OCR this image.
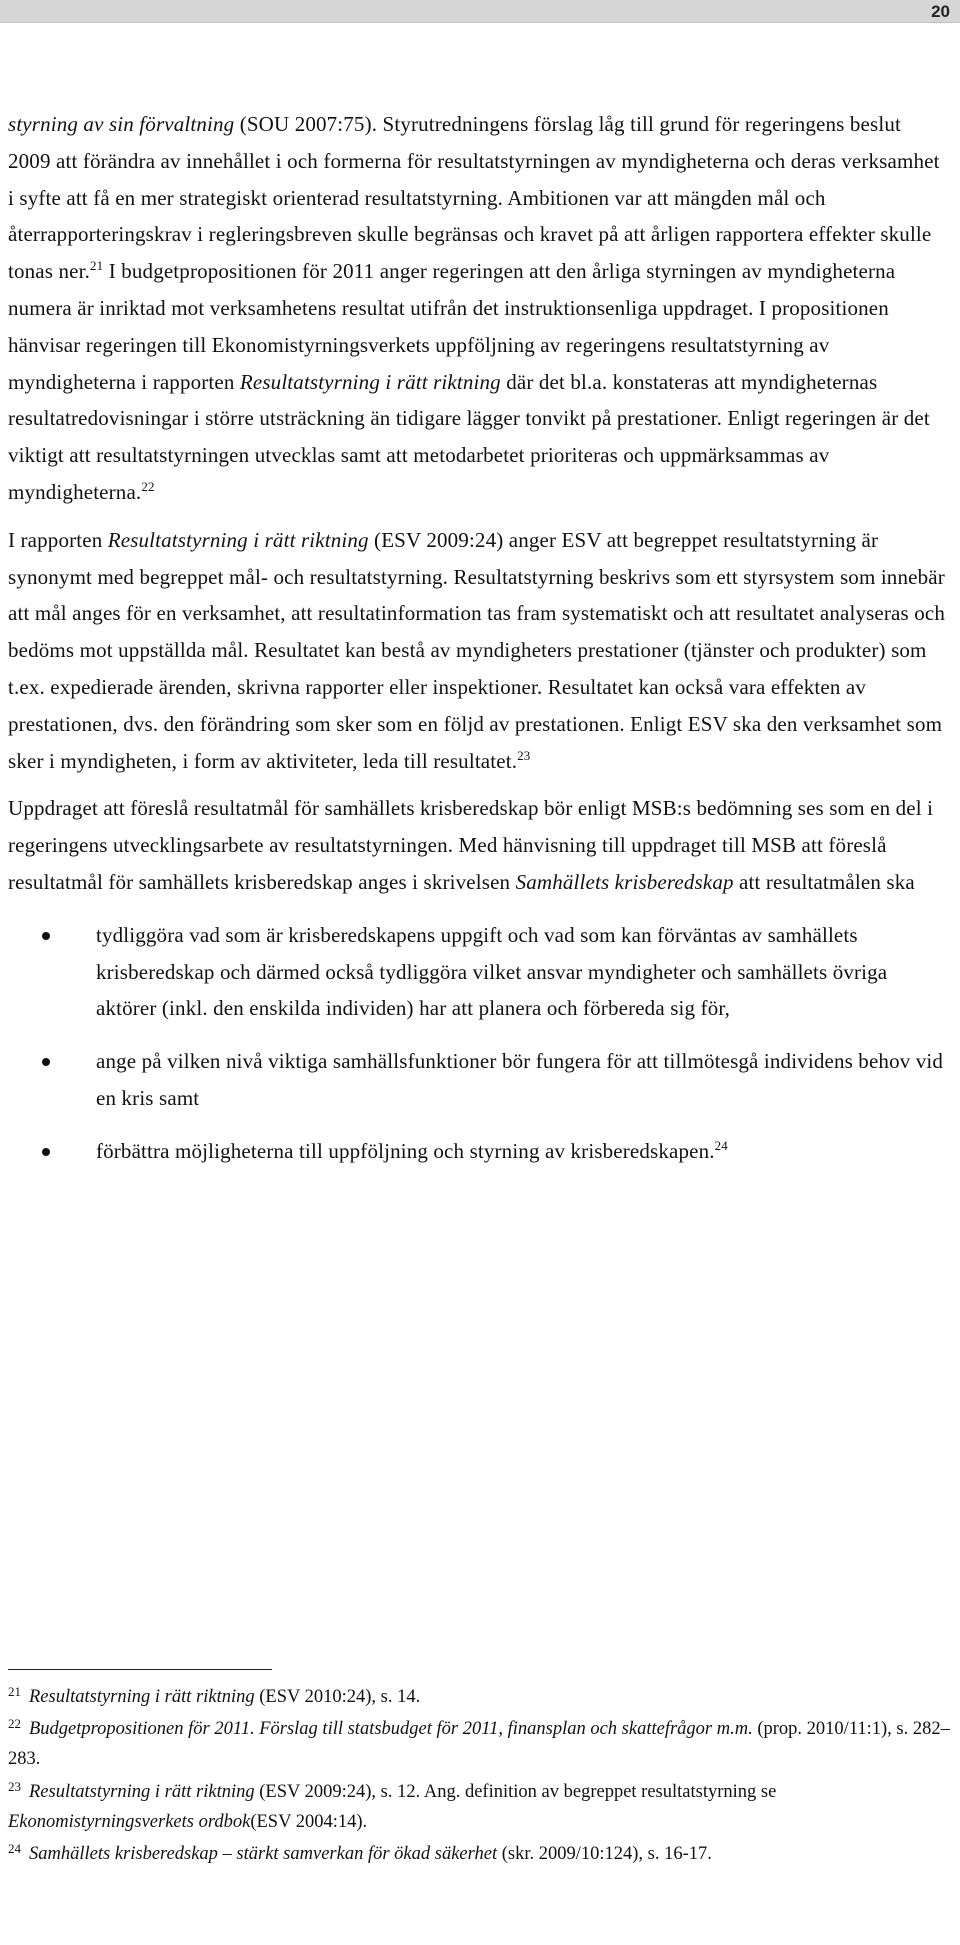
20

styrning av sin förvaltning (SOU 2007:75). Styrutredningens förslag låg till grund för regeringens beslut 2009 att förändra av innehållet i och formerna för resultatstyrningen av myndigheterna och deras verksamhet i syfte att få en mer strategiskt orienterad resultatstyrning. Ambitionen var att mängden mål och återrapporteringskrav i regleringsbreven skulle begränsas och kravet på att årligen rapportera effekter skulle tonas ner.$^{21}$ I budgetpropositionen för 2011 anger regeringen att den årliga styrningen av myndigheterna numera är inriktad mot verksamhetens resultat utifrån det instruktionsenliga uppdraget. I propositionen hänvisar regeringen till Ekonomistyrningsverkets uppföljning av regeringens resultatstyrning av myndigheterna i rapporten Resultatstyrning i rätt riktning där det bl.a. konstateras att myndigheternas resultatredovisningar i större utsträckning än tidigare lägger tonvikt på prestationer. Enligt regeringen är det viktigt att resultatstyrningen utvecklas samt att metodarbetet prioriteras och uppmärksammas av myndigheterna.$^{22}$

I rapporten Resultatstyrning i rätt riktning (ESV 2009:24) anger ESV att begreppet resultatstyrning är synonymt med begreppet mål- och resultatstyrning. Resultatstyrning beskrivs som ett styrsystem som innebär att mål anges för en verksamhet, att resultatinformation tas fram systematiskt och att resultatet analyseras och bedöms mot uppställda mål. Resultatet kan bestå av myndigheters prestationer (tjänster och produkter) som t.ex. expedierade ärenden, skrivna rapporter eller inspektioner. Resultatet kan också vara effekten av prestationen, dvs. den förändring som sker som en följd av prestationen. Enligt ESV ska den verksamhet som sker i myndigheten, i form av aktiviteter, leda till resultatet.$^{23}$

Uppdraget att föreslå resultatmål för samhällets krisberedskap bör enligt MSB:s bedömning ses som en del i regeringens utvecklingsarbete av resultatstyrningen. Med hänvisning till uppdraget till MSB att föreslå resultatmål för samhällets krisberedskap anges i skrivelsen Samhällets krisberedskap att resultatmålen ska

tydliggöra vad som är krisberedskapens uppgift och vad som kan förväntas av samhällets krisberedskap och därmed också tydliggöra vilket ansvar myndigheter och samhällets övriga aktörer (inkl. den enskilda individen) har att planera och förbereda sig för,
ange på vilken nivå viktiga samhällsfunktioner bör fungera för att tillmötesgå individens behov vid en kris samt
förbättra möjligheterna till uppföljning och styrning av krisberedskapen.$^{24}$

$^{21}$ Resultatstyrning i rätt riktning (ESV 2010:24), s. 14.

$^{22}$ Budgetpropositionen för 2011. Förslag till statsbudget för 2011, finansplan och skattefrågor m.m. (prop. 2010/11:1), s. 282–283.

$^{23}$ Resultatstyrning i rätt riktning (ESV 2009:24), s. 12. Ang. definition av begreppet resultatstyrning se Ekonomistyrningsverkets ordbok(ESV 2004:14).

$^{24}$ Samhällets krisberedskap – stärkt samverkan för ökad säkerhet (skr. 2009/10:124), s. 16-17.
